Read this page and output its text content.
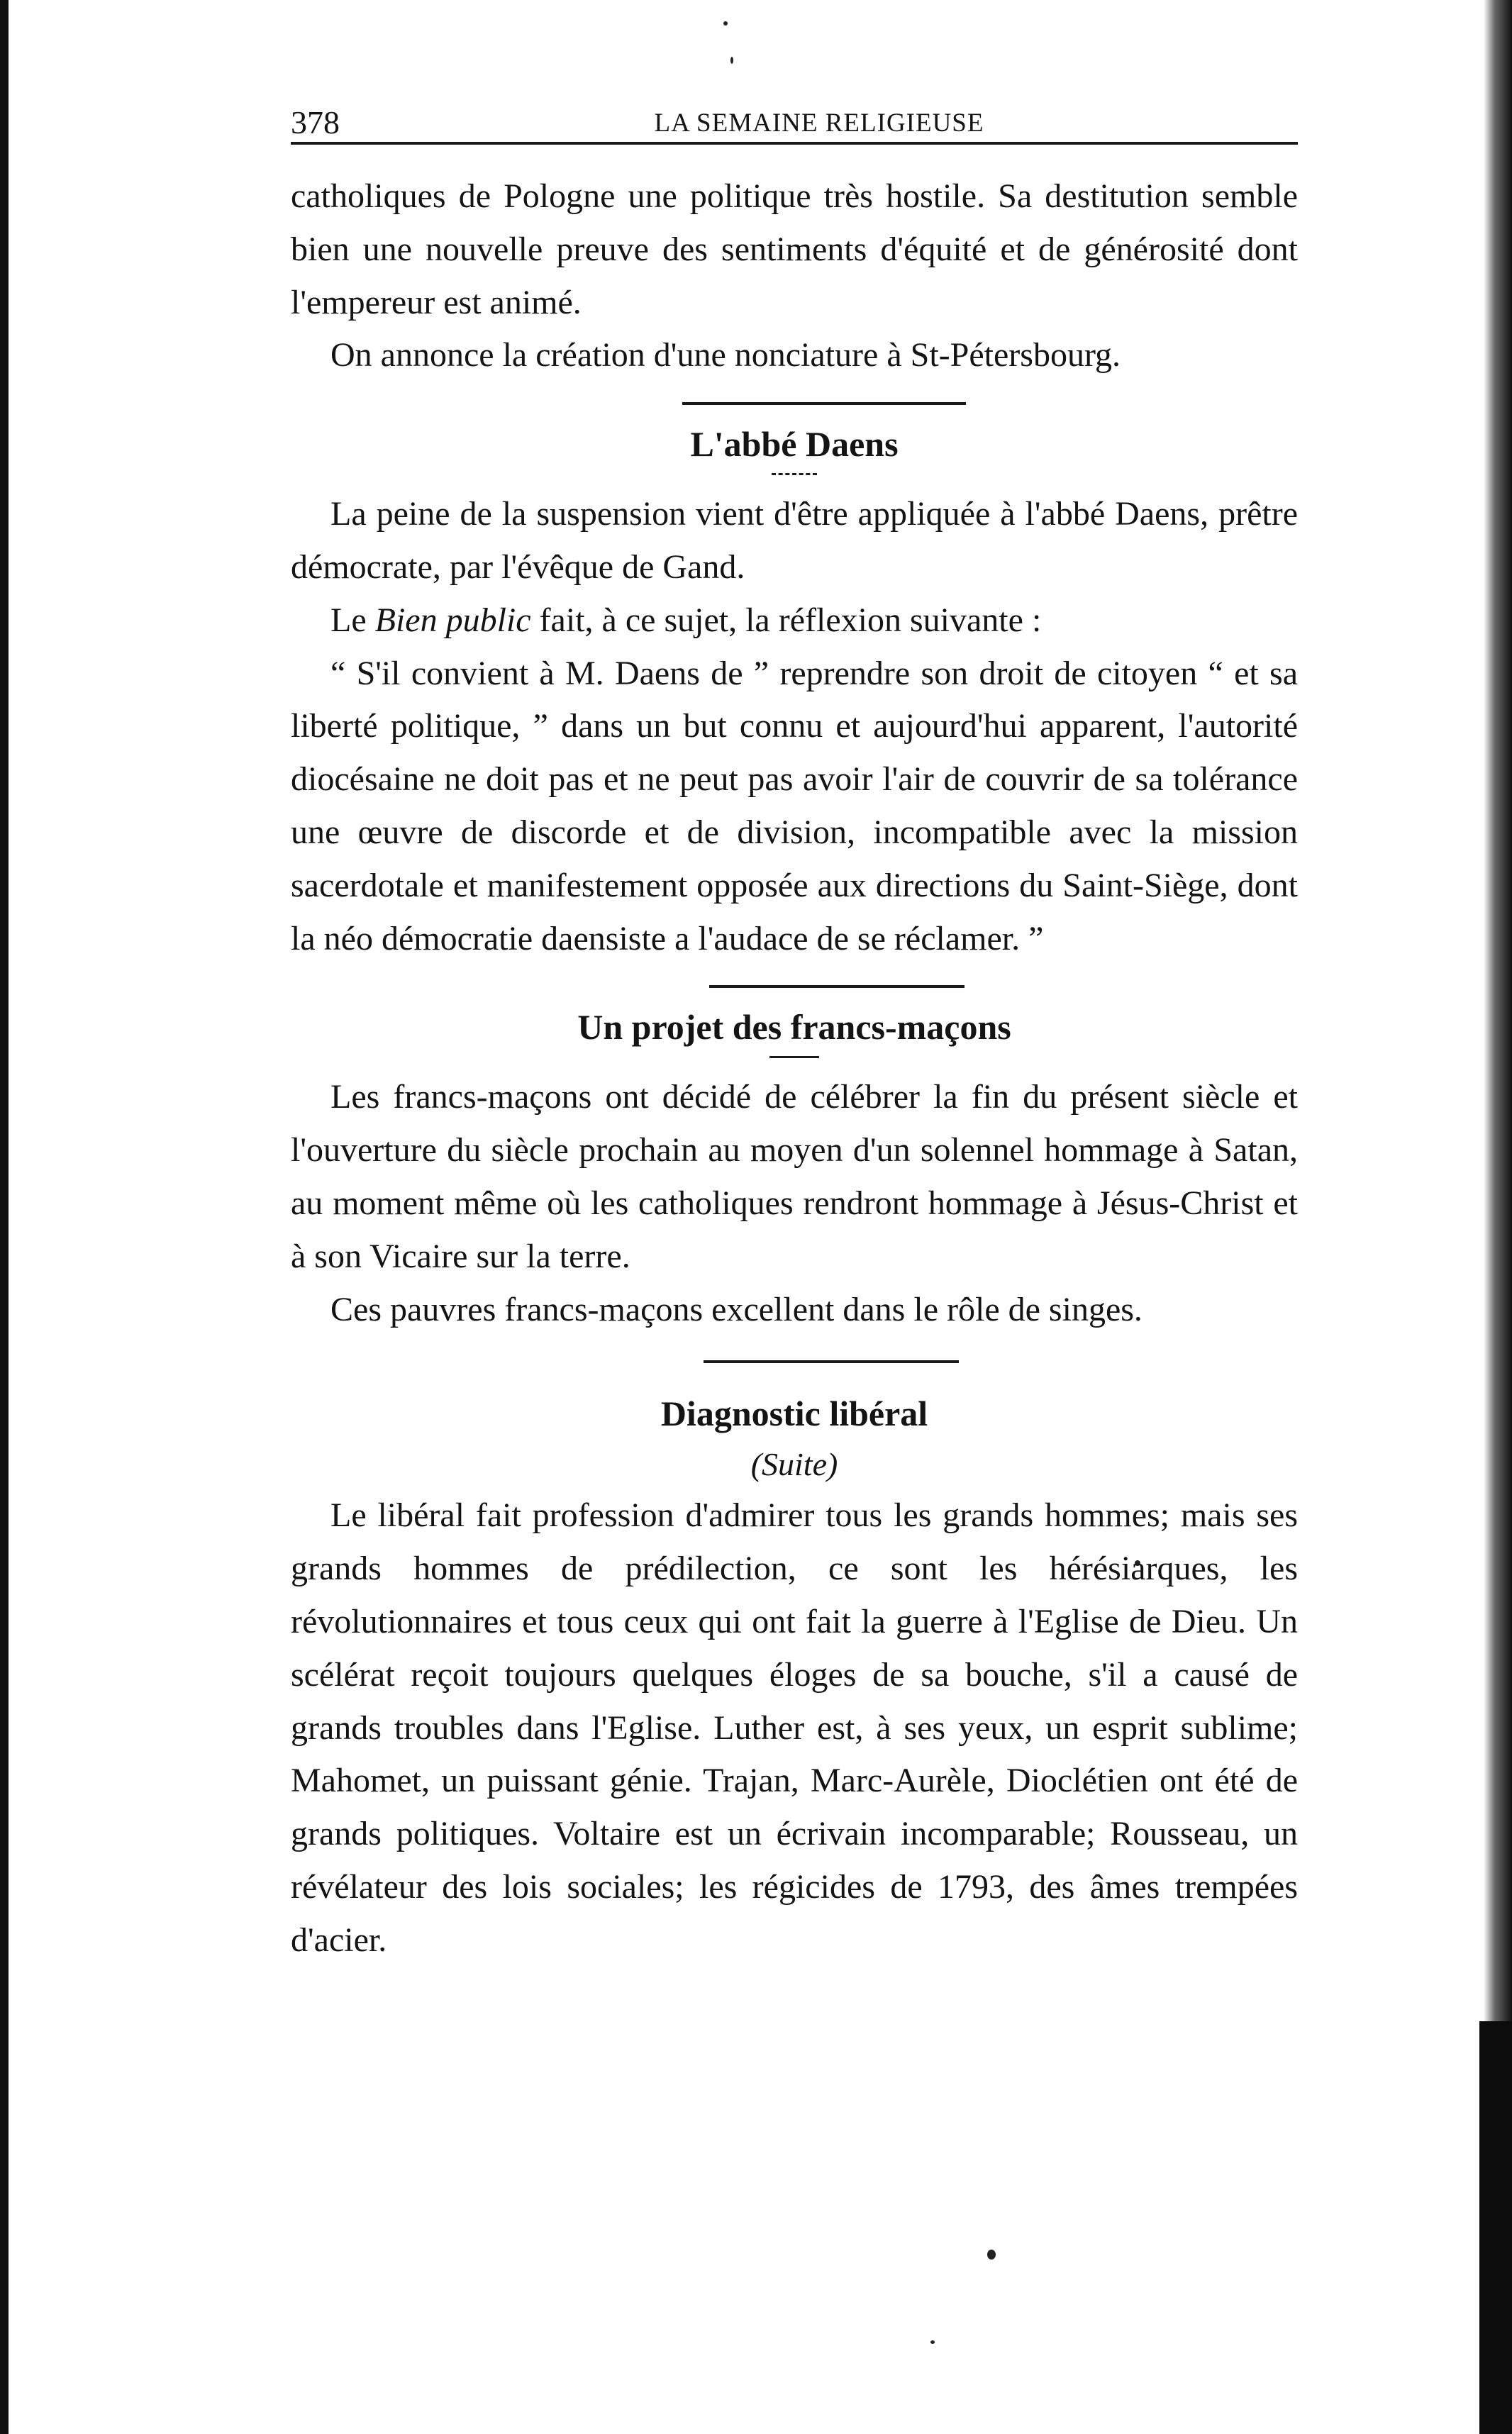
378	LA SEMAINE RELIGIEUSE

catholiques de Pologne une politique très hostile. Sa destitution semble bien une nouvelle preuve des sentiments d'équité et de générosité dont l'empereur est animé.

On annonce la création d'une nonciature à St-Pétersbourg.

L'abbé Daens

La peine de la suspension vient d'être appliquée à l'abbé Daens, prêtre démocrate, par l'évêque de Gand.

Le Bien public fait, à ce sujet, la réflexion suivante :

“ S'il convient à M. Daens de ” reprendre son droit de citoyen “ et sa liberté politique, ” dans un but connu et aujourd'hui apparent, l'autorité diocésaine ne doit pas et ne peut pas avoir l'air de couvrir de sa tolérance une œuvre de discorde et de division, incompatible avec la mission sacerdotale et manifestement opposée aux directions du Saint-Siège, dont la néo démocratie daensiste a l'audace de se réclamer. ”

Un projet des francs-maçons

Les francs-maçons ont décidé de célébrer la fin du présent siècle et l'ouverture du siècle prochain au moyen d'un solennel hommage à Satan, au moment même où les catholiques rendront hommage à Jésus-Christ et à son Vicaire sur la terre.

Ces pauvres francs-maçons excellent dans le rôle de singes.

Diagnostic libéral
(Suite)

Le libéral fait profession d'admirer tous les grands hommes; mais ses grands hommes de prédilection, ce sont les hérésiarques, les révolutionnaires et tous ceux qui ont fait la guerre à l'Eglise de Dieu. Un scélérat reçoit toujours quelques éloges de sa bouche, s'il a causé de grands troubles dans l'Eglise. Luther est, à ses yeux, un esprit sublime; Mahomet, un puissant génie. Trajan, Marc-Aurèle, Dioclétien ont été de grands politiques. Voltaire est un écrivain incomparable; Rousseau, un révélateur des lois sociales; les régicides de 1793, des âmes trempées d'acier.
